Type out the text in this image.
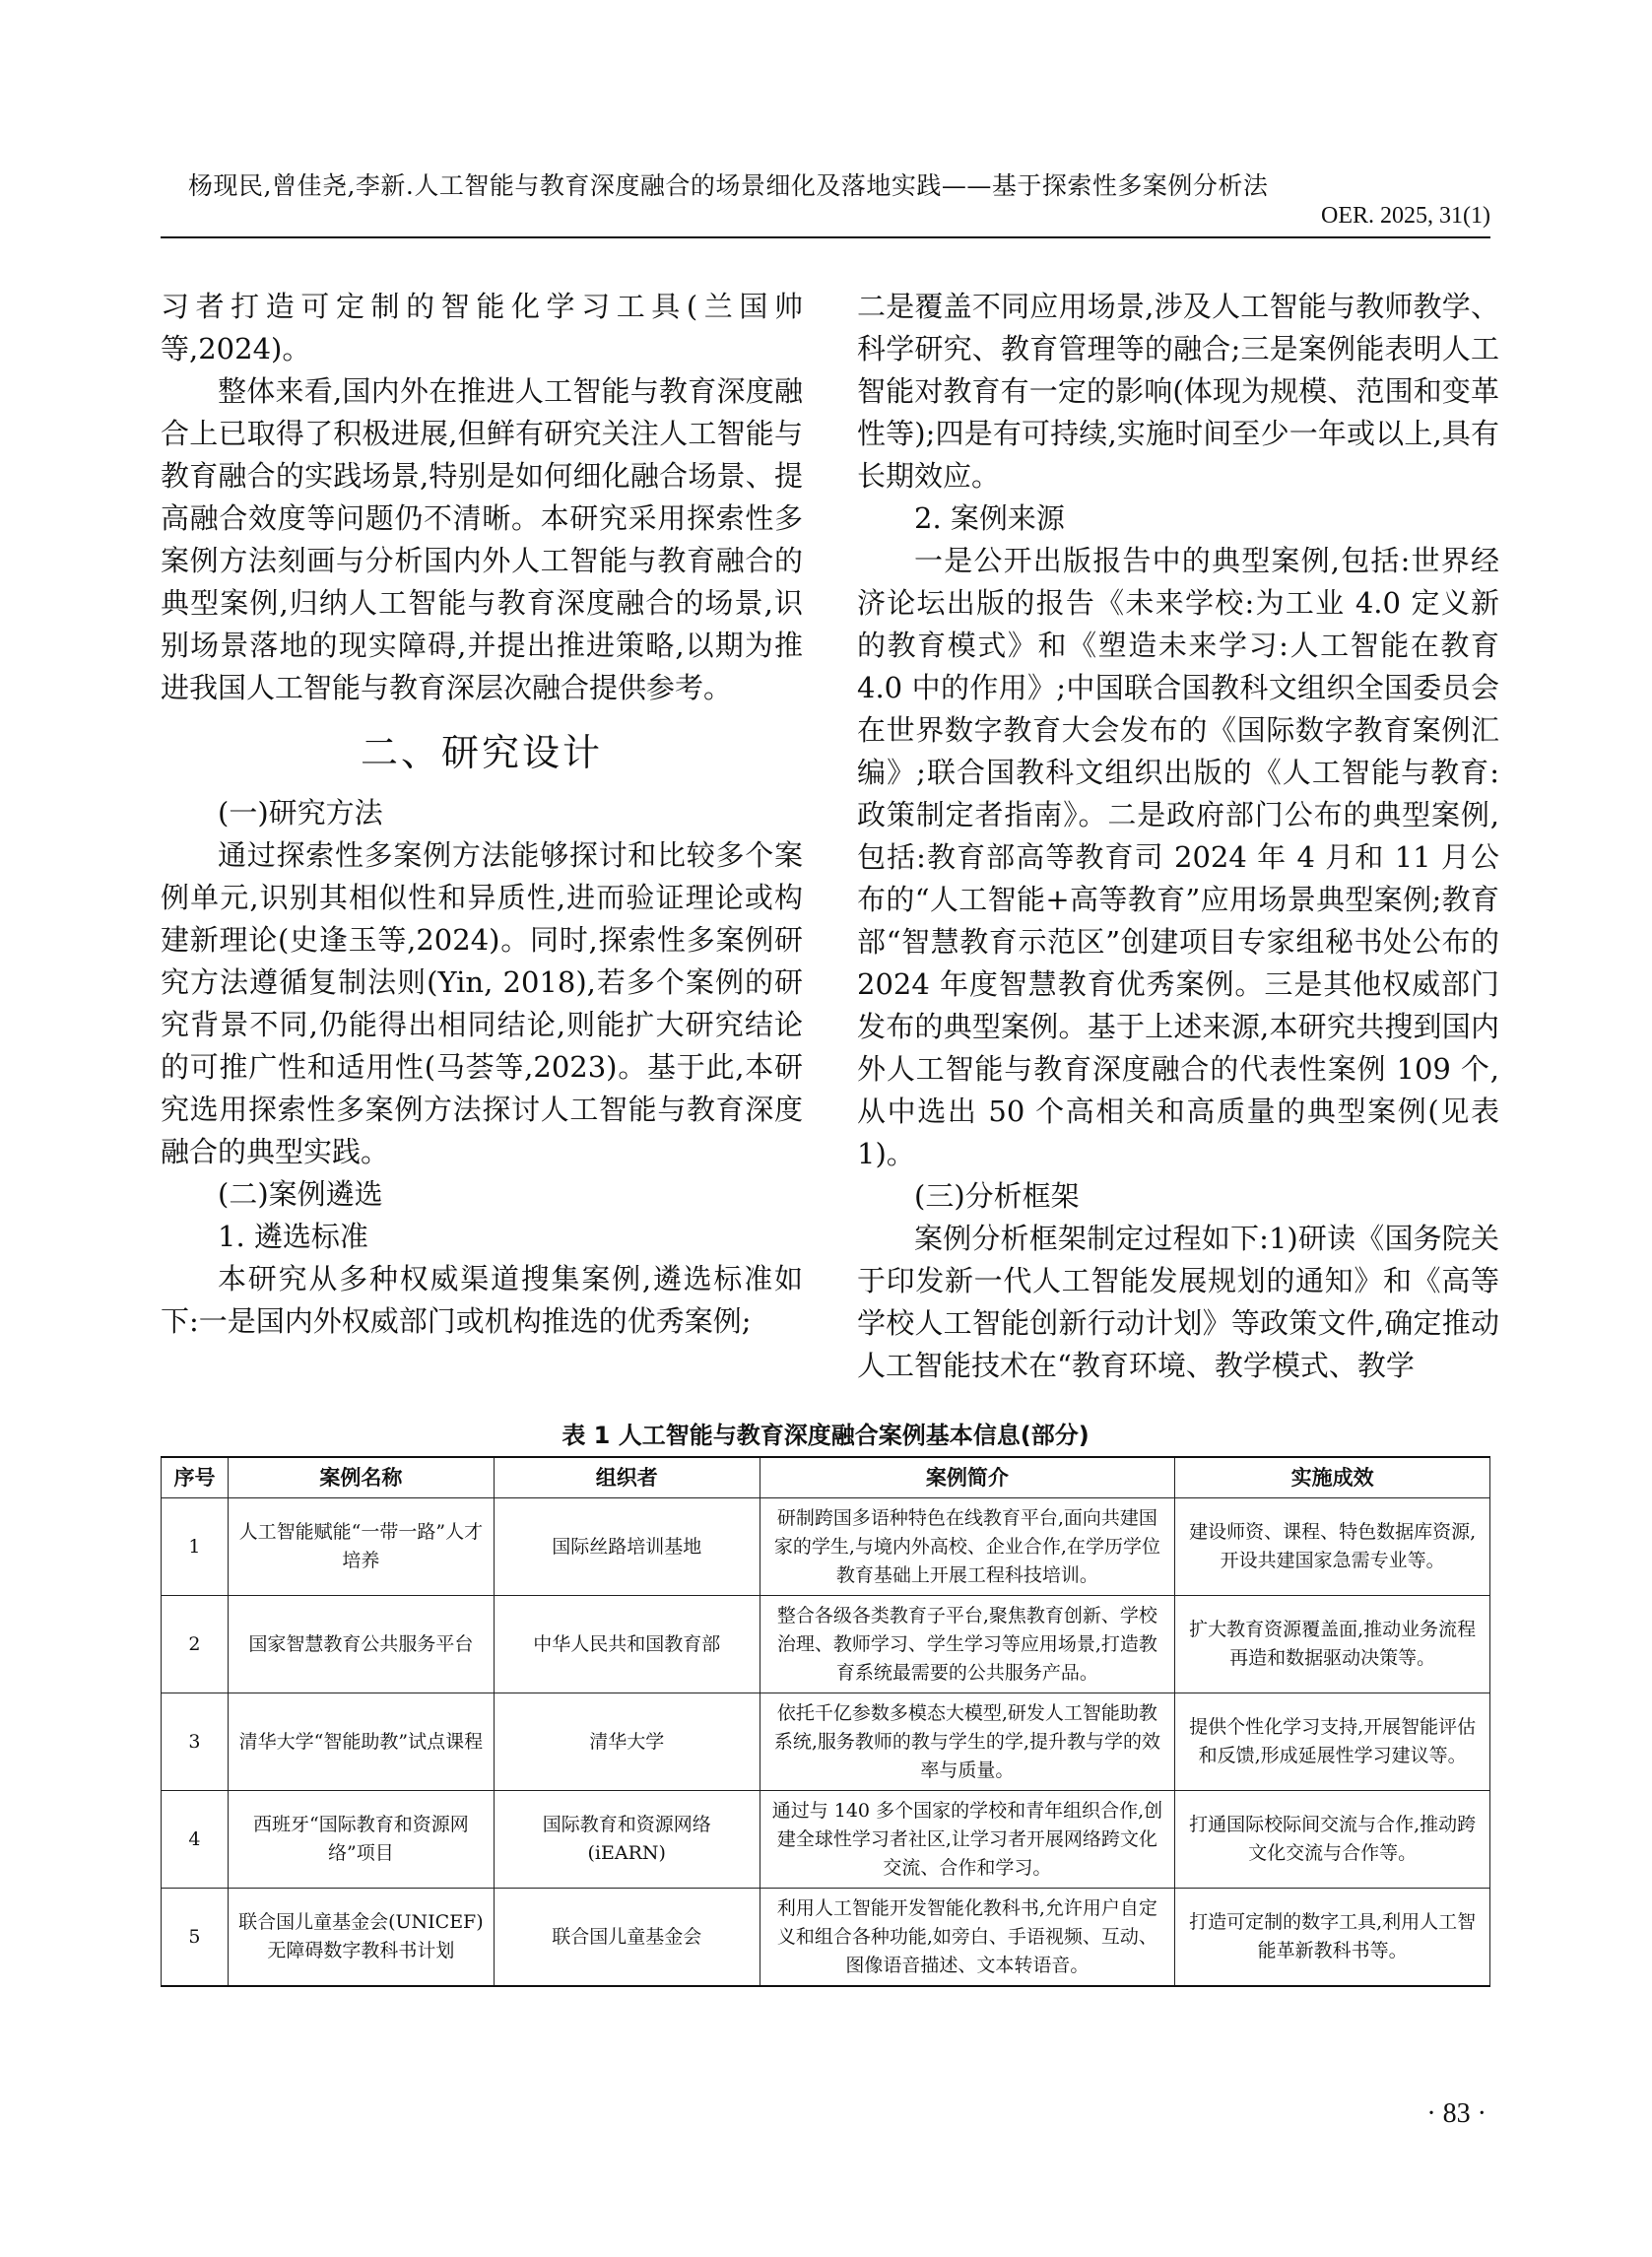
杨现民,曾佳尧,李新.人工智能与教育深度融合的场景细化及落地实践——基于探索性多案例分析法
OER. 2025, 31(1)

习者打造可定制的智能化学习工具(兰国帅等,2024)。

整体来看,国内外在推进人工智能与教育深度融合上已取得了积极进展,但鲜有研究关注人工智能与教育融合的实践场景,特别是如何细化融合场景、提高融合效度等问题仍不清晰。本研究采用探索性多案例方法刻画与分析国内外人工智能与教育融合的典型案例,归纳人工智能与教育深度融合的场景,识别场景落地的现实障碍,并提出推进策略,以期为推进我国人工智能与教育深层次融合提供参考。

二、研究设计

(一)研究方法

通过探索性多案例方法能够探讨和比较多个案例单元,识别其相似性和异质性,进而验证理论或构建新理论(史逢玉等,2024)。同时,探索性多案例研究方法遵循复制法则(Yin, 2018),若多个案例的研究背景不同,仍能得出相同结论,则能扩大研究结论的可推广性和适用性(马荟等,2023)。基于此,本研究选用探索性多案例方法探讨人工智能与教育深度融合的典型实践。

(二)案例遴选

1. 遴选标准

本研究从多种权威渠道搜集案例,遴选标准如下:一是国内外权威部门或机构推选的优秀案例;

二是覆盖不同应用场景,涉及人工智能与教师教学、科学研究、教育管理等的融合;三是案例能表明人工智能对教育有一定的影响(体现为规模、范围和变革性等);四是有可持续,实施时间至少一年或以上,具有长期效应。

2. 案例来源

一是公开出版报告中的典型案例,包括:世界经济论坛出版的报告《未来学校:为工业 4.0 定义新的教育模式》和《塑造未来学习:人工智能在教育 4.0 中的作用》;中国联合国教科文组织全国委员会在世界数字教育大会发布的《国际数字教育案例汇编》;联合国教科文组织出版的《人工智能与教育:政策制定者指南》。二是政府部门公布的典型案例,包括:教育部高等教育司 2024 年 4 月和 11 月公布的“人工智能+高等教育”应用场景典型案例;教育部“智慧教育示范区”创建项目专家组秘书处公布的 2024 年度智慧教育优秀案例。三是其他权威部门发布的典型案例。基于上述来源,本研究共搜到国内外人工智能与教育深度融合的代表性案例 109 个,从中选出 50 个高相关和高质量的典型案例(见表 1)。

(三)分析框架

案例分析框架制定过程如下:1)研读《国务院关于印发新一代人工智能发展规划的通知》和《高等学校人工智能创新行动计划》等政策文件,确定推动人工智能技术在“教育环境、教学模式、教学

表 1 人工智能与教育深度融合案例基本信息(部分)
序号	案例名称	组织者	案例简介	实施成效
1	人工智能赋能“一带一路”人才培养	国际丝路培训基地	研制跨国多语种特色在线教育平台,面向共建国家的学生,与境内外高校、企业合作,在学历学位教育基础上开展工程科技培训。	建设师资、课程、特色数据库资源,开设共建国家急需专业等。
2	国家智慧教育公共服务平台	中华人民共和国教育部	整合各级各类教育子平台,聚焦教育创新、学校治理、教师学习、学生学习等应用场景,打造教育系统最需要的公共服务产品。	扩大教育资源覆盖面,推动业务流程再造和数据驱动决策等。
3	清华大学“智能助教”试点课程	清华大学	依托千亿参数多模态大模型,研发人工智能助教系统,服务教师的教与学生的学,提升教与学的效率与质量。	提供个性化学习支持,开展智能评估和反馈,形成延展性学习建议等。
4	西班牙“国际教育和资源网络”项目	国际教育和资源网络(iEARN)	通过与 140 多个国家的学校和青年组织合作,创建全球性学习者社区,让学习者开展网络跨文化交流、合作和学习。	打通国际校际间交流与合作,推动跨文化交流与合作等。
5	联合国儿童基金会(UNICEF)无障碍数字教科书计划	联合国儿童基金会	利用人工智能开发智能化教科书,允许用户自定义和组合各种功能,如旁白、手语视频、互动、图像语音描述、文本转语音。	打造可定制的数字工具,利用人工智能革新教科书等。
· 83 ·
